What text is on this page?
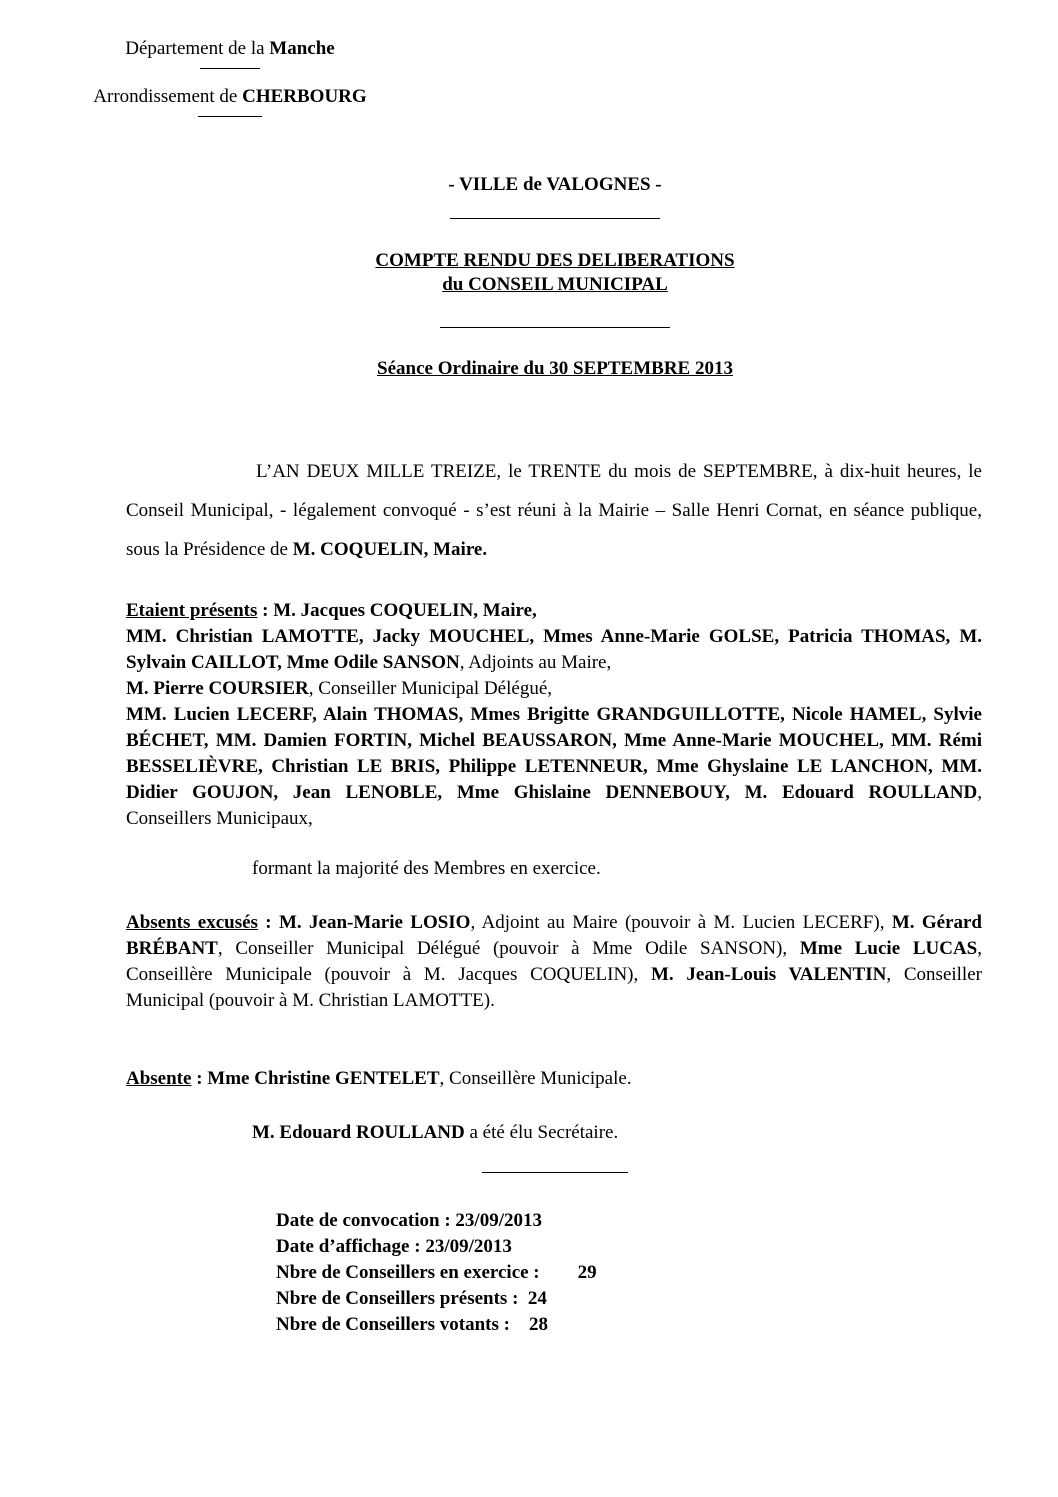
Département de la Manche
Arrondissement de CHERBOURG
- VILLE de VALOGNES -
COMPTE RENDU DES DELIBERATIONS
du CONSEIL MUNICIPAL
Séance Ordinaire du 30 SEPTEMBRE 2013
L’AN DEUX MILLE TREIZE, le TRENTE du mois de SEPTEMBRE, à dix-huit heures, le Conseil Municipal, - légalement convoqué - s’est réuni à la Mairie – Salle Henri Cornat, en séance publique, sous la Présidence de M. COQUELIN, Maire.

Etaient présents : M. Jacques COQUELIN, Maire,

MM. Christian LAMOTTE, Jacky MOUCHEL, Mmes Anne-Marie GOLSE, Patricia THOMAS, M. Sylvain CAILLOT, Mme Odile SANSON, Adjoints au Maire,

M. Pierre COURSIER, Conseiller Municipal Délégué,

MM. Lucien LECERF, Alain THOMAS, Mmes Brigitte GRANDGUILLOTTE, Nicole HAMEL, Sylvie BÉCHET, MM. Damien FORTIN, Michel BEAUSSARON, Mme Anne-Marie MOUCHEL, MM. Rémi BESSELIÈVRE, Christian LE BRIS, Philippe LETENNEUR, Mme Ghyslaine LE LANCHON, MM. Didier GOUJON, Jean LENOBLE, Mme Ghislaine DENNEBOUY, M. Edouard ROULLAND, Conseillers Municipaux,

formant la majorité des Membres en exercice.
Absents excusés : M. Jean-Marie LOSIO, Adjoint au Maire (pouvoir à M. Lucien LECERF), M. Gérard BRÉBANT, Conseiller Municipal Délégué (pouvoir à Mme Odile SANSON), Mme Lucie LUCAS, Conseillère Municipale (pouvoir à M. Jacques COQUELIN), M. Jean-Louis VALENTIN, Conseiller Municipal (pouvoir à M. Christian LAMOTTE).
Absente : Mme Christine GENTELET, Conseillère Municipale.
M. Edouard ROULLAND a été élu Secrétaire.
Date de convocation : 23/09/2013
Date d’affichage : 23/09/2013
Nbre de Conseillers en exercice :        29
Nbre de Conseillers présents :  24
Nbre de Conseillers votants :    28
